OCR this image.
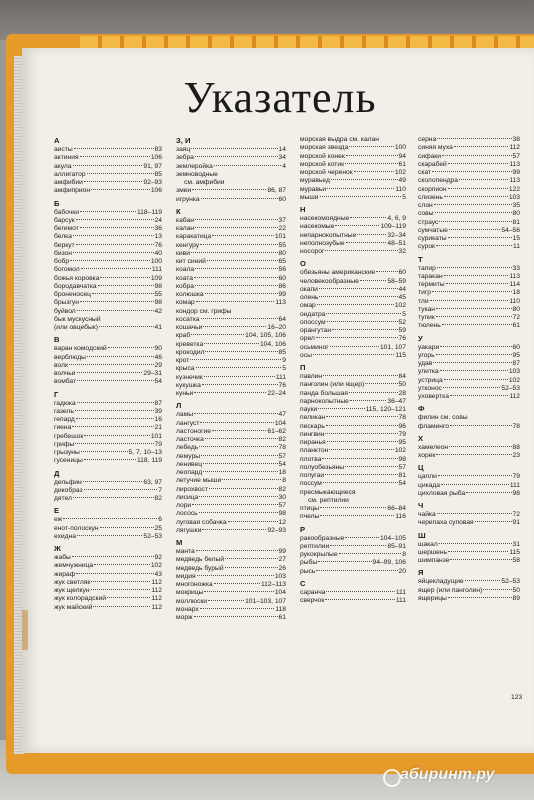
Указатель
А
аисты	83
актиния	106
акула	91, 97
аллигатор	85
амфибии	92–93
амфиприон	106
Б
бабочки	118–119
барсук	24
бегемот	36
белка	13
беркут	76
бизон	40
бобр	100
богомол	111
божья коровка	109
бородавчатка	98
броненосец	55
брызгун	98
буйвол	42
бык мускусный
(или овцебык)	41
В
варан комодский	90
верблюды	46
волк	29
волчьи	29–31
вомбат	54
Г
гадюка	87
газель	39
гепард	16
гиена	21
гребешок	101
грифы	79
грызуны	5, 7, 10–13
гусеницы	118, 119
Д
дельфин	63, 97
дикобраз	7
дятел	82
Е
еж	6
енот-полоскун	25
ехидна	52–53
Ж
жабы	92
жемчужница	102
жираф	43
жук светляк	112
жук щелкун	112
жук колорадский	112
жук майский	112
З, И
заяц	14
зебра	34
землеройка	4
земноводные
см. амфибии
змеи	86, 87
игрунка	60
К
кабан	37
калан	22
каракатица	101
кенгуру	55
киви	80
кит синий	65
коала	56
коата	60
кобра	86
колюшка	99
комар	113
кондор см. грифы
косатка	64
кошачьи	16–20
краб	104, 105, 106
креветка	104, 106
крокодил	85
крот	9
крыса	5
кузнечик	111
кукушка	76
куньи	22–24
Л
ламы	47
лангуст	104
ластоногие	61–62
ласточка	82
лебедь	78
лемуры	57
ленивец	54
леопард	18
летучие мыши	8
лирохвост	82
лисица	30
лори	57
лосось	98
луговая собачка	12
лягушки	92–93
М
манта	99
медведь белый	27
медведь бурый	26
мидия	103
многоножка	112–113
мокрицы	104
моллюски	101–103, 107
монарх	118
морж	61
морская выдра см. калан
морская звезда	100
морской конек	94
морской котик	61
морской черенок	102
муравьед	49
муравьи	110
мыши	5
Н
насекомоядные	4, 6, 9
насекомые	109–119
непарнокопытные	32–34
неполнозубые	48–51
носорог	32
О
обезьяны американские	60
человекообразные	58–59
окапи	44
олень	45
омар	102
ондатра	5
опоссум	52
орангутан	59
орел	76
осьминог	101, 107
осы	115
П
павлин	84
панголин (или ящер)	50
панда большая	28
парнокопытные	36–47
пауки	115, 120–121
пеликан	78
пескарь	96
пингвин	79
пиранья	95
планктон	102
плотва	98
полуобезьяны	57
попугаи	81
поссум	54
пресмыкающиеся
см. рептилии
птицы	66–84
пчелы	116
Р
ракообразные	104–105
рептилии	85–91
рукокрылые	8
рыбы	94–99, 106
рысь	20
С
саранча	111
сверчок	111
серна	38
синяя муха	112
сифаки	57
скарабей	113
скат	99
сколопендра	113
скорпион	122
слизень	103
слон	35
совы	80
страус	81
сумчатые	54–56
сурикаты	15
сурок	11
Т
тапир	33
таракан	113
термиты	114
тигр	18
тли	110
тукан	80
тупик	72
тюлень	61
У
уакари	60
угорь	95
удав	87
улитка	103
устрица	102
утконос	52–53
уховертка	112
Ф
филин см. совы
фламинго	78
Х
хамелеон	88
хорек	23
Ц
цапли	79
цикада	111
цихловая рыба	98
Ч
чайка	72
черепаха суповая	91
Ш
шакал	31
шершень	115
шимпанзе	58
Я
яйцекладущие	52–53
ящер (или панголин)	50
ящерицы	89
123
абиринт.ру
